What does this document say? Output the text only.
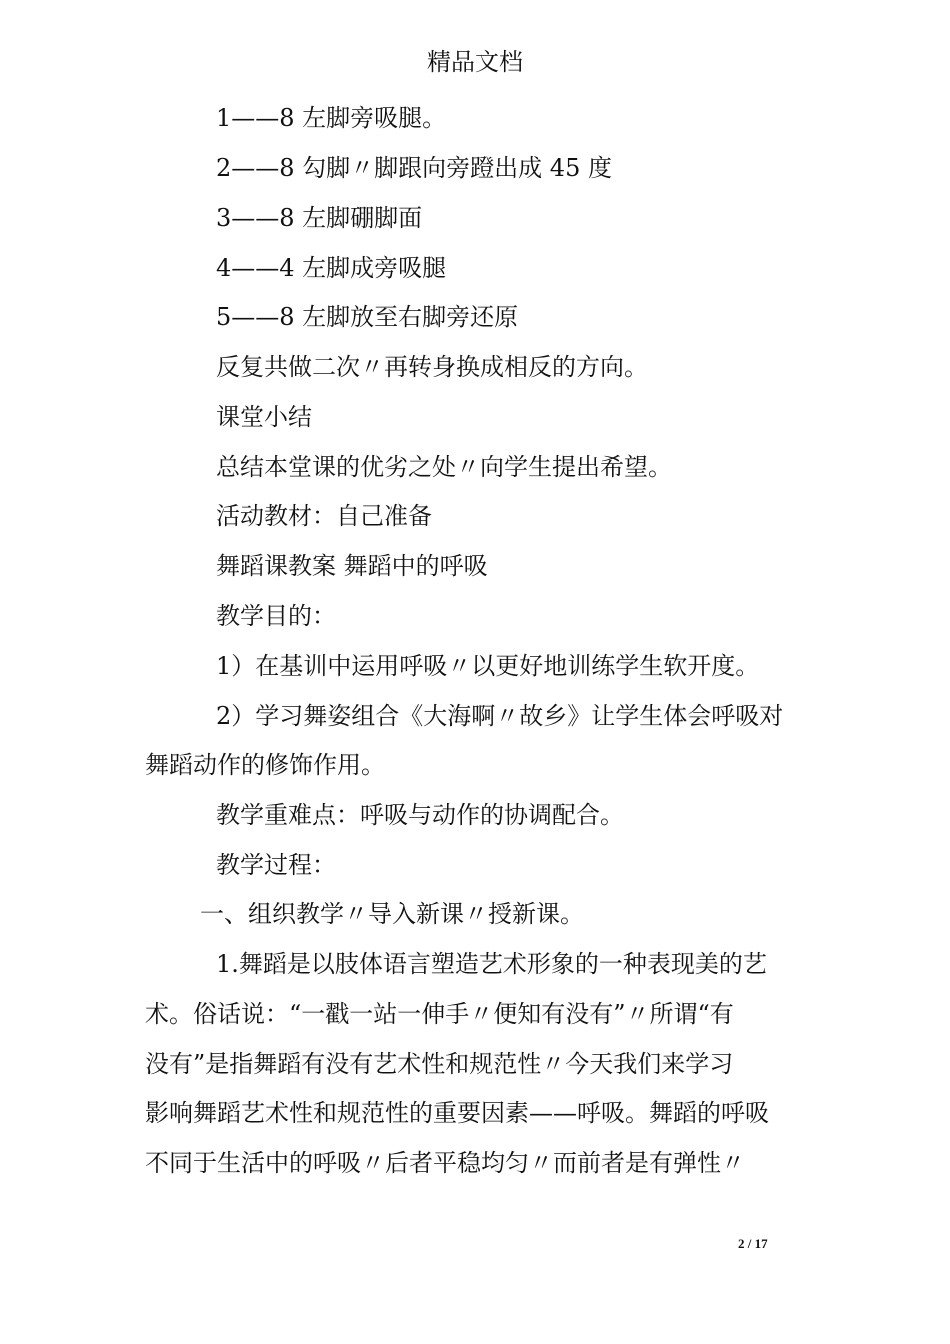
精品文档
1——8 左脚旁吸腿。
2——8 勾脚〃脚跟向旁蹬出成 45 度
3——8 左脚硼脚面
4——4 左脚成旁吸腿
5——8 左脚放至右脚旁还原
反复共做二次〃再转身换成相反的方向。
课堂小结
总结本堂课的优劣之处〃向学生提出希望。
活动教材：自己准备
舞蹈课教案 舞蹈中的呼吸
教学目的：
1）在基训中运用呼吸〃以更好地训练学生软开度。
2）学习舞姿组合《大海啊〃故乡》让学生体会呼吸对
舞蹈动作的修饰作用。
教学重难点：呼吸与动作的协调配合。
教学过程：
一、组织教学〃导入新课〃授新课。
1.舞蹈是以肢体语言塑造艺术形象的一种表现美的艺
术。俗话说：“一戳一站一伸手〃便知有没有”〃所谓“有
没有”是指舞蹈有没有艺术性和规范性〃今天我们来学习
影响舞蹈艺术性和规范性的重要因素——呼吸。舞蹈的呼吸
不同于生活中的呼吸〃后者平稳均匀〃而前者是有弹性〃
2 / 17
